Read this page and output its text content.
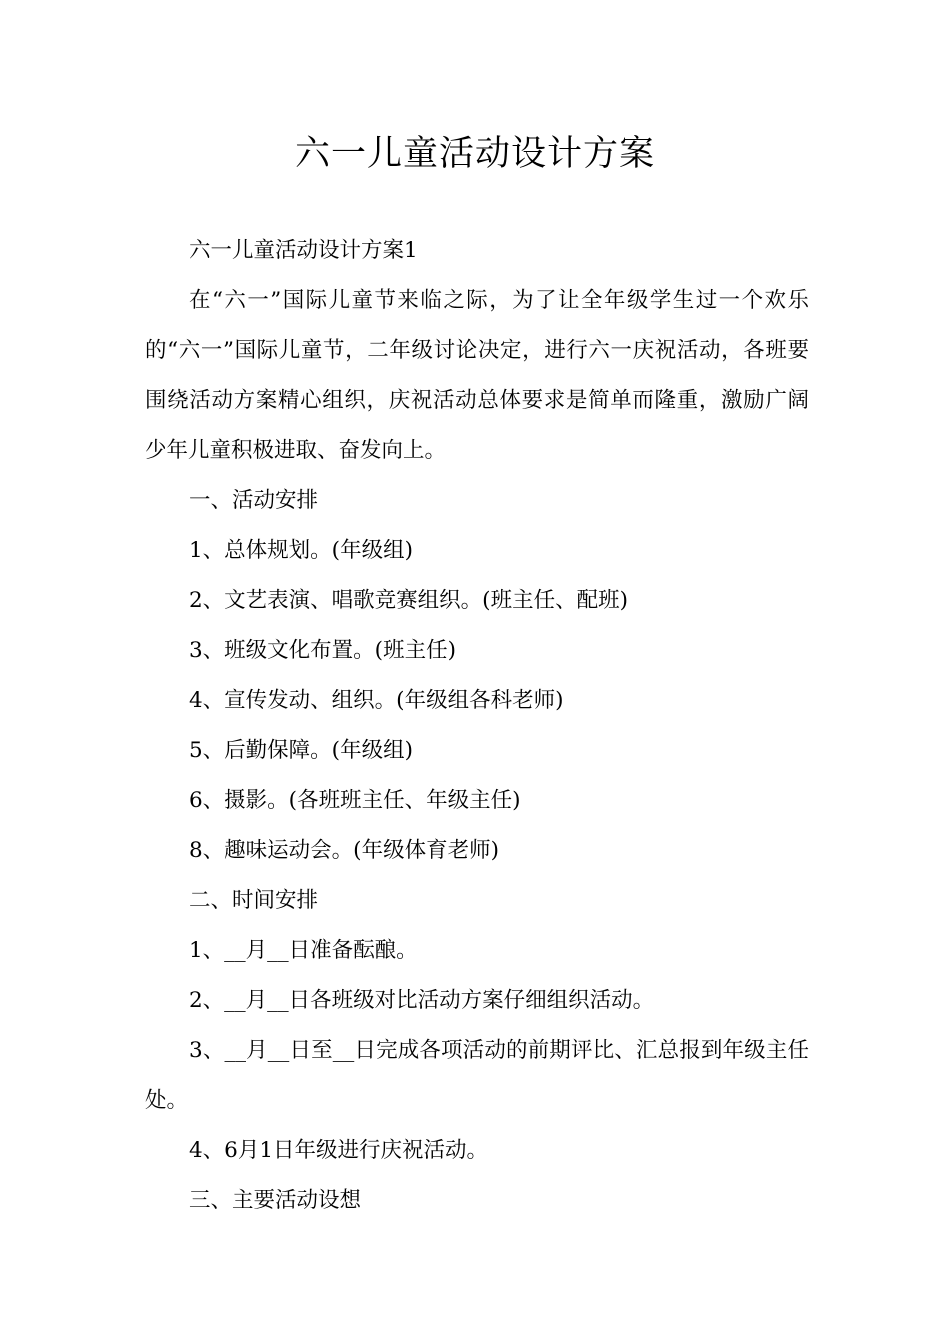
六一儿童活动设计方案

六一儿童活动设计方案1

在“六一”国际儿童节来临之际，为了让全年级学生过一个欢乐的“六一”国际儿童节，二年级讨论决定，进行六一庆祝活动，各班要围绕活动方案精心组织，庆祝活动总体要求是简单而隆重，激励广阔少年儿童积极进取、奋发向上。

一、活动安排

1、总体规划。(年级组)

2、文艺表演、唱歌竞赛组织。(班主任、配班)

3、班级文化布置。(班主任)

4、宣传发动、组织。(年级组各科老师)

5、后勤保障。(年级组)

6、摄影。(各班班主任、年级主任)

8、趣味运动会。(年级体育老师)

二、时间安排

1、__月__日准备酝酿。

2、__月__日各班级对比活动方案仔细组织活动。

3、__月__日至__日完成各项活动的前期评比、汇总报到年级主任处。

4、6月1日年级进行庆祝活动。

三、主要活动设想
